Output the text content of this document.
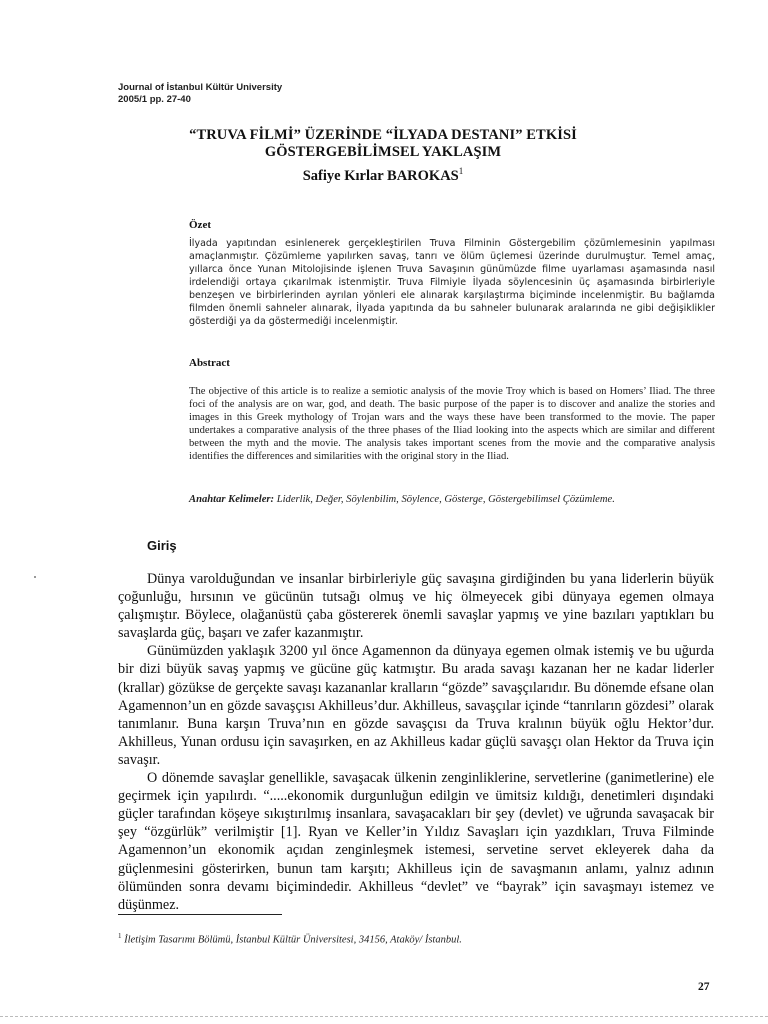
Journal of İstanbul Kültür University
2005/1 pp. 27-40
“TRUVA FİLMİ” ÜZERİNDE “İLYADA DESTANI” ETKİSİ
GÖSTERGEBİLİMSEL YAKLAŞIM
Safiye Kırlar BAROKAS$^1$
Özet
İlyada yapıtından esinlenerek gerçekleştirilen Truva Filminin Göstergebilim çözümlemesinin yapılması amaçlanmıştır. Çözümleme yapılırken savaş, tanrı ve ölüm üçlemesi üzerinde durulmuştur. Temel amaç, yıllarca önce Yunan Mitolojisinde işlenen Truva Savaşının günümüzde filme uyarlaması aşamasında nasıl irdelendiği ortaya çıkarılmak istenmiştir. Truva Filmiyle İlyada söylencesinin üç aşamasında birbirleriyle benzeşen ve birbirlerinden ayrılan yönleri ele alınarak karşılaştırma biçiminde incelenmiştir. Bu bağlamda filmden önemli sahneler alınarak, İlyada yapıtında da bu sahneler bulunarak aralarında ne gibi değişiklikler gösterdiği ya da göstermediği incelenmiştir.
Abstract
The objective of this article is to realize a semiotic analysis of the movie Troy which is based on Homers’ Iliad. The three foci of the analysis are on war, god, and death. The basic purpose of the paper is to discover and analize the stories and images in this Greek mythology of Trojan wars and the ways these have been transformed to the movie. The paper undertakes a comparative analysis of the three phases of the Iliad looking into the aspects which are similar and different between the myth and the movie. The analysis takes important scenes from the movie and the comparative analysis identifies the differences and similarities with the original story in the Iliad.
Anahtar Kelimeler: Liderlik, Değer, Söylenbilim, Söylence, Gösterge, Göstergebilimsel Çözümleme.
Giriş

Dünya varolduğundan ve insanlar birbirleriyle güç savaşına girdiğinden bu yana liderlerin büyük çoğunluğu, hırsının ve gücünün tutsağı olmuş ve hiç ölmeyecek gibi dünyaya egemen olmaya çalışmıştır. Böylece, olağanüstü çaba göstererek önemli savaşlar yapmış ve yine bazıları yaptıkları bu savaşlarda güç, başarı ve zafer kazanmıştır.

Günümüzden yaklaşık 3200 yıl önce Agamennon da dünyaya egemen olmak istemiş ve bu uğurda bir dizi büyük savaş yapmış ve gücüne güç katmıştır. Bu arada savaşı kazanan her ne kadar liderler (krallar) gözükse de gerçekte savaşı kazananlar kralların “gözde” savaşçılarıdır. Bu dönemde efsane olan Agamennon’un en gözde savaşçısı Akhilleus’dur. Akhilleus, savaşçılar içinde “tanrıların gözdesi” olarak tanımlanır. Buna karşın Truva’nın en gözde savaşçısı da Truva kralının büyük oğlu Hektor’dur. Akhilleus, Yunan ordusu için savaşırken, en az Akhilleus kadar güçlü savaşçı olan Hektor da Truva için savaşır.

O dönemde savaşlar genellikle, savaşacak ülkenin zenginliklerine, servetlerine (ganimetlerine) ele geçirmek için yapılırdı. “.....ekonomik durgunluğun edilgin ve ümitsiz kıldığı, denetimleri dışındaki güçler tarafından köşeye sıkıştırılmış insanlara, savaşacakları bir şey (devlet) ve uğrunda savaşacak bir şey “özgürlük” verilmiştir [1]. Ryan ve Keller’in Yıldız Savaşları için yazdıkları, Truva Filminde Agamennon’un ekonomik açıdan zenginleşmek istemesi, servetine servet ekleyerek daha da güçlenmesini gösterirken, bunun tam karşıtı; Akhilleus için de savaşmanın anlamı, yalnız adının ölümünden sonra devamı biçimindedir. Akhilleus “devlet” ve “bayrak” için savaşmayı istemez ve düşünmez.

$^1$ İletişim Tasarımı Bölümü, İstanbul Kültür Üniversitesi, 34156, Ataköy/ İstanbul.
27
